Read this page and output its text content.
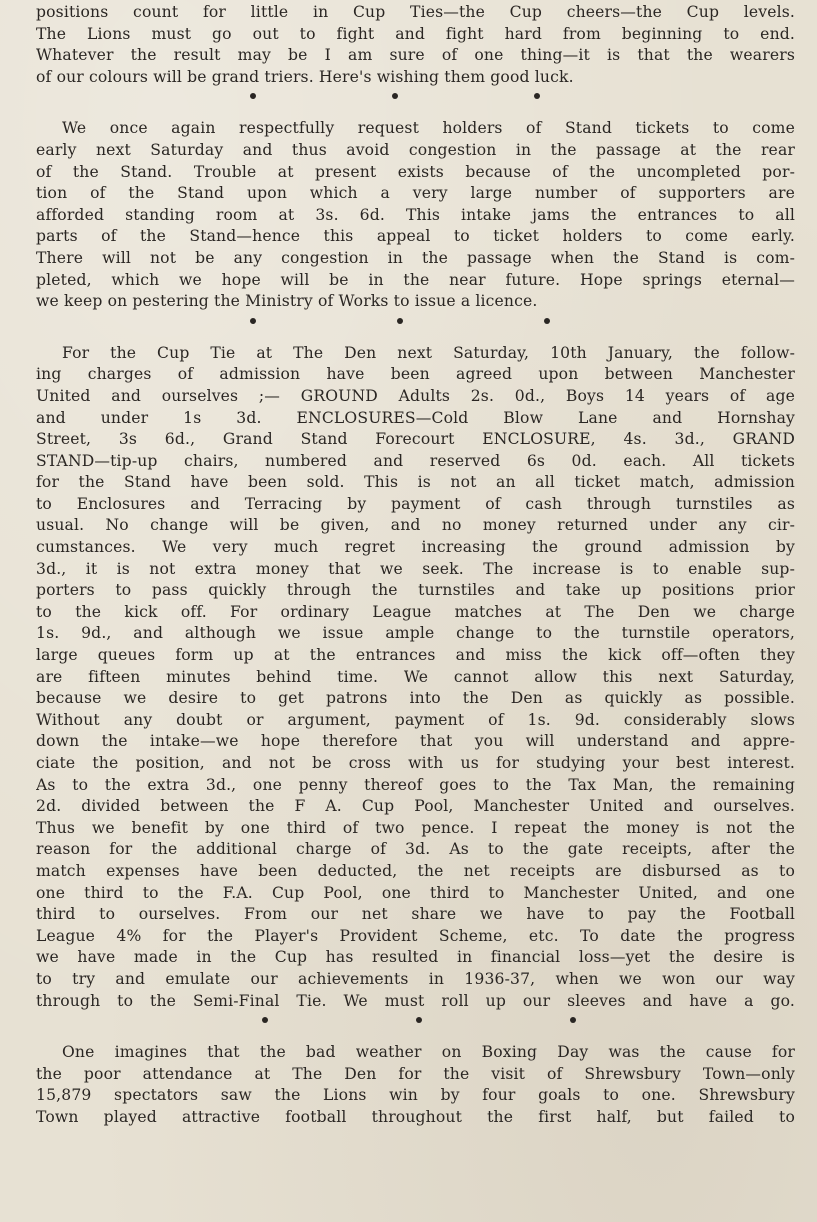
positions count for little in Cup Ties—the Cup cheers—the Cup levels.
The Lions must go out to fight and fight hard from beginning to end.
Whatever the result may be I am sure of one thing—it is that the wearers
of our colours will be grand triers. Here's wishing them good luck.
We once again respectfully request holders of Stand tickets to come
early next Saturday and thus avoid congestion in the passage at the rear
of the Stand. Trouble at present exists because of the uncompleted por-
tion of the Stand upon which a very large number of supporters are
afforded standing room at 3s. 6d. This intake jams the entrances to all
parts of the Stand—hence this appeal to ticket holders to come early.
There will not be any congestion in the passage when the Stand is com-
pleted, which we hope will be in the near future. Hope springs eternal—
we keep on pestering the Ministry of Works to issue a licence.
For the Cup Tie at The Den next Saturday, 10th January, the follow-
ing charges of admission have been agreed upon between Manchester
United and ourselves ;— GROUND Adults 2s. 0d., Boys 14 years of age
and under 1s 3d. ENCLOSURES—Cold Blow Lane and Hornshay
Street, 3s 6d., Grand Stand Forecourt ENCLOSURE, 4s. 3d., GRAND
STAND—tip-up chairs, numbered and reserved 6s 0d. each. All tickets
for the Stand have been sold. This is not an all ticket match, admission
to Enclosures and Terracing by payment of cash through turnstiles as
usual. No change will be given, and no money returned under any cir-
cumstances. We very much regret increasing the ground admission by
3d., it is not extra money that we seek. The increase is to enable sup-
porters to pass quickly through the turnstiles and take up positions prior
to the kick off. For ordinary League matches at The Den we charge
1s. 9d., and although we issue ample change to the turnstile operators,
large queues form up at the entrances and miss the kick off—often they
are fifteen minutes behind time. We cannot allow this next Saturday,
because we desire to get patrons into the Den as quickly as possible.
Without any doubt or argument, payment of 1s. 9d. considerably slows
down the intake—we hope therefore that you will understand and appre-
ciate the position, and not be cross with us for studying your best interest.
As to the extra 3d., one penny thereof goes to the Tax Man, the remaining
2d. divided between the F A. Cup Pool, Manchester United and ourselves.
Thus we benefit by one third of two pence. I repeat the money is not the
reason for the additional charge of 3d. As to the gate receipts, after the
match expenses have been deducted, the net receipts are disbursed as to
one third to the F.A. Cup Pool, one third to Manchester United, and one
third to ourselves. From our net share we have to pay the Football
League 4% for the Player's Provident Scheme, etc. To date the progress
we have made in the Cup has resulted in financial loss—yet the desire is
to try and emulate our achievements in 1936-37, when we won our way
through to the Semi-Final Tie. We must roll up our sleeves and have a go.
One imagines that the bad weather on Boxing Day was the cause for
the poor attendance at The Den for the visit of Shrewsbury Town—only
15,879 spectators saw the Lions win by four goals to one. Shrewsbury
Town played attractive football throughout the first half, but failed to
